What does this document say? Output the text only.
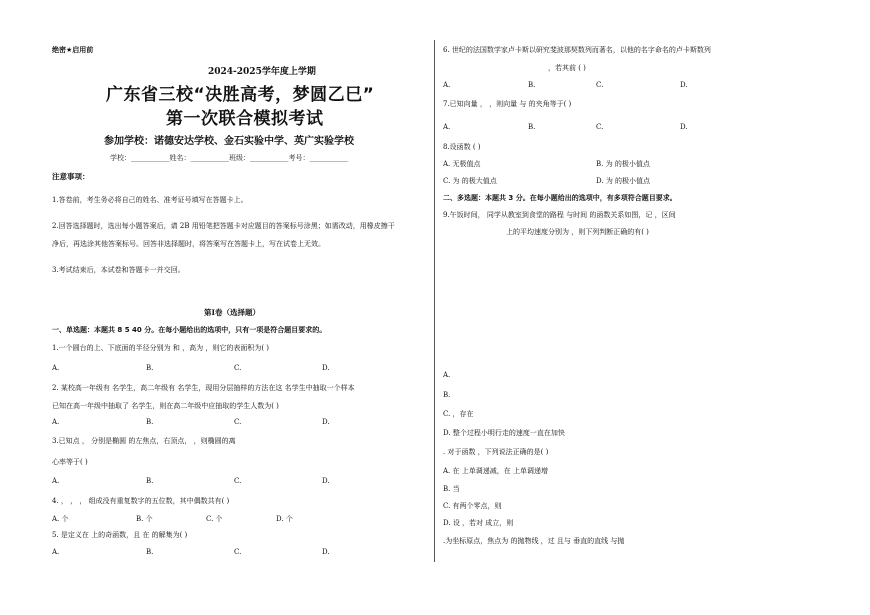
绝密★启用前
2024-2025学年度上学期
广东省三校“决胜高考，梦圆乙巳”
第一次联合模拟考试
参加学校：诺德安达学校、金石实验中学、英广实验学校
学校：___________姓名：___________班级：___________考号：___________
注意事项：
1.答卷前，考生务必将自己的姓名、准考证号填写在答题卡上。
2.回答选择题时，选出每小题答案后，请 2B 用铅笔把答题卡对应题目的答案标号涂黑；如需改动，用橡皮擦干
净后，再选涂其他答案标号。回答非选择题时，将答案写在答题卡上，写在试卷上无效。
3.考试结束后，本试卷和答题卡一并交回。
第I卷（选择题）
一、单选题：本题共 8 5 40 分。在每小题给出的选项中，只有一项是符合题目要求的。
1.一个圆台的上、下底面的半径分别为 和 ，高为 ，则它的表面积为( )
A.	B.	C.	D.
2. 某校高一年级有 名学生，高二年级有 名学生，现用分层抽样的方法在这 名学生中抽取一个样本
已知在高一年级中抽取了 名学生，则在高二年级中应抽取的学生人数为( )
A.	B.	C.	D.
3.已知点 ， 分别是椭圆 的左焦点，右顶点， ，则椭圆的离
心率等于( )
A.	B.	C.	D.
4. ， ， ， 组成没有重复数字的五位数，其中偶数共有( )
A. 个	B. 个	C. 个	D. 个
5. 是定义在 上的奇函数，且 在 的解集为( )
A.	B.	C.	D.
6. 世纪的法国数学家卢卡斯以研究斐波那契数列而著名，以他的名字命名的卢卡斯数列
，若其前 ( )
A.	B.	C.	D.
7.已知向量 ， ，则向量 与 的夹角等于( )
A.	B.	C.	D.
8.设函数 ( )
A. 无极值点	B. 为 的极小值点
C. 为 的极大值点	D. 为 的极小值点
二、多选题：本题共 3 分。在每小题给出的选项中，有多项符合题目要求。
9.午饭时间， 同学从教室到食堂的路程 与时间 的函数关系如图，记 ，区间
上的平均速度分别为 ，则下列判断正确的有( )
A.
B.
C. ，存在
D. 整个过程小明行走的速度一直在加快
. 对于函数 ，下列说法正确的是( )
A. 在 上单调递减，在 上单调递增
B. 当
C. 有两个零点，则
D. 设 ，若对 成立，则
.为坐标原点，焦点为 的抛物线 ，过 且与 垂直的直线 与抛
